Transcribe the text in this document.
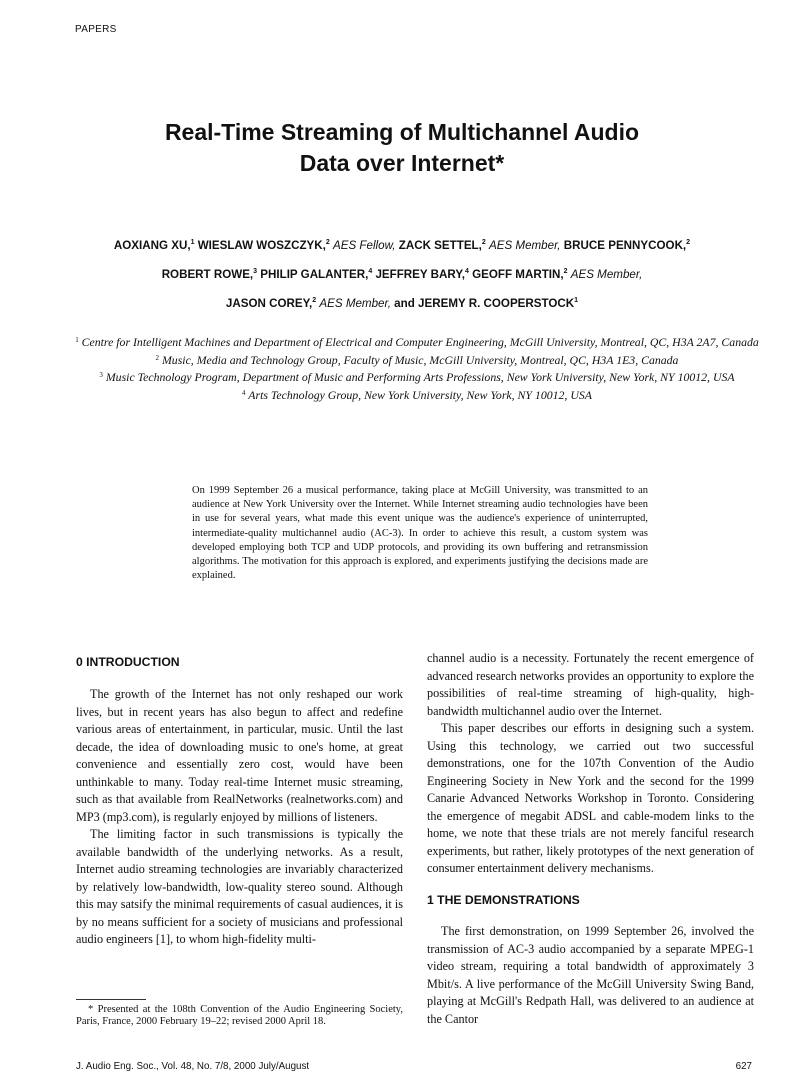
PAPERS
Real-Time Streaming of Multichannel Audio
Data over Internet*
AOXIANG XU,$^1$ WIESLAW WOSZCZYK,$^2$ AES Fellow, ZACK SETTEL,$^2$ AES Member, BRUCE PENNYCOOK,$^2$
ROBERT ROWE,$^3$ PHILIP GALANTER,$^4$ JEFFREY BARY,$^4$ GEOFF MARTIN,$^2$ AES Member,
JASON COREY,$^2$ AES Member, and JEREMY R. COOPERSTOCK$^1$

$^1$ Centre for Intelligent Machines and Department of Electrical and Computer Engineering, McGill University, Montreal, QC, H3A 2A7, Canada

$^2$ Music, Media and Technology Group, Faculty of Music, McGill University, Montreal, QC, H3A 1E3, Canada

$^3$ Music Technology Program, Department of Music and Performing Arts Professions, New York University, New York, NY 10012, USA

$^4$ Arts Technology Group, New York University, New York, NY 10012, USA

On 1999 September 26 a musical performance, taking place at McGill University, was transmitted to an audience at New York University over the Internet. While Internet streaming audio technologies have been in use for several years, what made this event unique was the audience's experience of uninterrupted, intermediate-quality multichannel audio (AC-3). In order to achieve this result, a custom system was developed employing both TCP and UDP protocols, and providing its own buffering and retransmission algorithms. The motivation for this approach is explored, and experiments justifying the decisions made are explained.
0 INTRODUCTION

The growth of the Internet has not only reshaped our work lives, but in recent years has also begun to affect and redefine various areas of entertainment, in particular, music. Until the last decade, the idea of downloading music to one's home, at great convenience and essentially zero cost, would have been unthinkable to many. Today real-time Internet music streaming, such as that available from RealNetworks (realnetworks.com) and MP3 (mp3.com), is regularly enjoyed by millions of listeners.

The limiting factor in such transmissions is typically the available bandwidth of the underlying networks. As a result, Internet audio streaming technologies are invariably characterized by relatively low-bandwidth, low-quality stereo sound. Although this may satsify the minimal requirements of casual audiences, it is by no means sufficient for a society of musicians and professional audio engineers [1], to whom high-fidelity multi-

channel audio is a necessity. Fortunately the recent emergence of advanced research networks provides an opportunity to explore the possibilities of real-time streaming of high-quality, high-bandwidth multichannel audio over the Internet.

This paper describes our efforts in designing such a system. Using this technology, we carried out two successful demonstrations, one for the 107th Convention of the Audio Engineering Society in New York and the second for the 1999 Canarie Advanced Networks Workshop in Toronto. Considering the emergence of megabit ADSL and cable-modem links to the home, we note that these trials are not merely fanciful research experiments, but rather, likely prototypes of the next generation of consumer entertainment delivery mechanisms.

1 THE DEMONSTRATIONS

The first demonstration, on 1999 September 26, involved the transmission of AC-3 audio accompanied by a separate MPEG-1 video stream, requiring a total bandwidth of approximately 3 Mbit/s. A live performance of the McGill University Swing Band, playing at McGill's Redpath Hall, was delivered to an audience at the Cantor

* Presented at the 108th Convention of the Audio Engineering Society, Paris, France, 2000 February 19–22; revised 2000 April 18.
J. Audio Eng. Soc., Vol. 48, No. 7/8, 2000 July/August	627
